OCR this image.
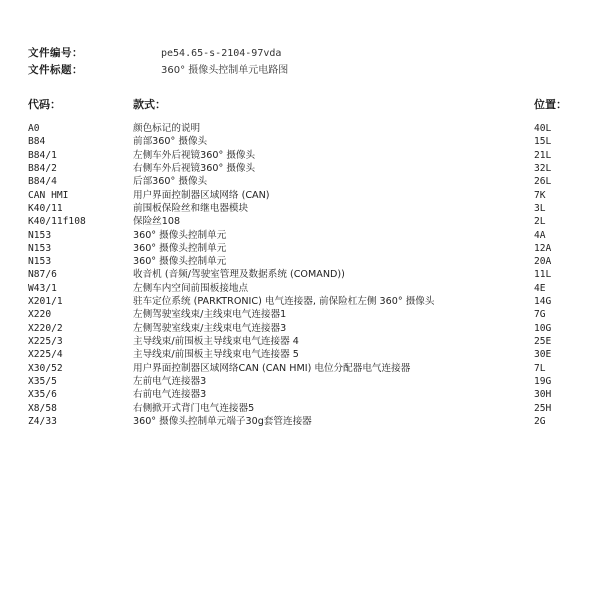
文件编号：	pe54.65-s-2104-97vda
文件标题：	360° 摄像头控制单元电路图
代码：	款式：	位置：
A0	颜色标记的说明	40L
B84	前部360° 摄像头	15L
B84/1	左侧车外后视镜360° 摄像头	21L
B84/2	右侧车外后视镜360° 摄像头	32L
B84/4	后部360° 摄像头	26L
CAN HMI	用户界面控制器区域网络 (CAN)	7K
K40/11	前围板保险丝和继电器模块	3L
K40/11f108	保险丝108	2L
N153	360° 摄像头控制单元	4A
N153	360° 摄像头控制单元	12A
N153	360° 摄像头控制单元	20A
N87/6	收音机 (音频/驾驶室管理及数据系统 (COMAND))	11L
W43/1	左侧车内空间前围板接地点	4E
X201/1	驻车定位系统 (PARKTRONIC) 电气连接器, 前保险杠左侧 360° 摄像头	14G
X220	左侧驾驶室线束/主线束电气连接器1	7G
X220/2	左侧驾驶室线束/主线束电气连接器3	10G
X225/3	主导线束/前围板主导线束电气连接器 4	25E
X225/4	主导线束/前围板主导线束电气连接器 5	30E
X30/52	用户界面控制器区域网络CAN (CAN HMI) 电位分配器电气连接器	7L
X35/5	左前电气连接器3	19G
X35/6	右前电气连接器3	30H
X8/58	右侧掀开式背门电气连接器5	25H
Z4/33	360° 摄像头控制单元端子30g套管连接器	2G
